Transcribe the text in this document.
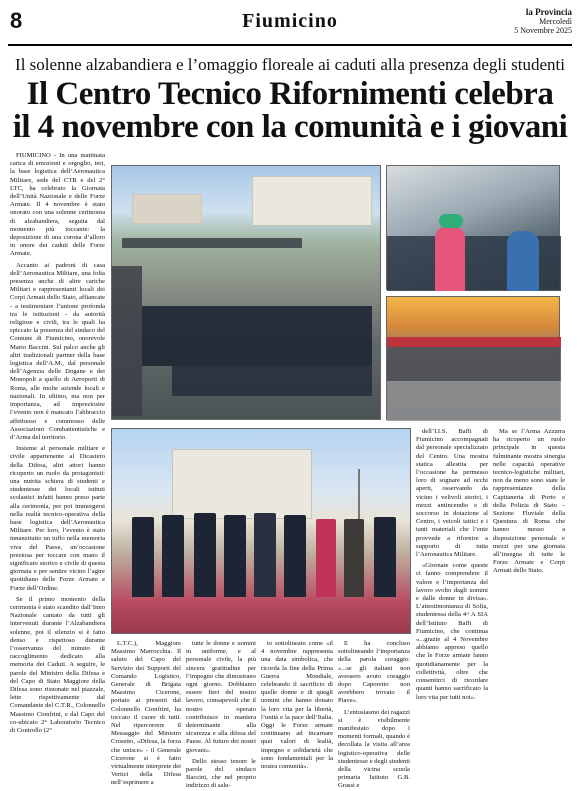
8	Fiumicino	la Provincia
Mercoledì
5 Novembre 2025
Il solenne alzabandiera e l’omaggio floreale ai caduti alla presenza degli studenti
Il Centro Tecnico Rifornimenti celebra
il 4 novembre con la comunità e i giovani

FIUMICINO - In una mattinata carica di emozioni e orgoglio, ieri, la base logistica dell’Aeronautica Militare, sede del CTR e del 2° LTC, ha celebrato la Giornata dell’Unità Nazionale e delle Forze Armate. Il 4 novembre è stato onorato con una solenne cerimonia di alzabandiera, seguita dal momento più toccante: la deposizione di una corona d’alloro in onore dei caduti delle Forze Armate.

Accanto ai padroni di casa dell’Aeronautica Militare, una folta presenza anche di altre cariche Militari e rappresentanti locali dei Corpi Armati dello Stato, affiancate - a testimoniare l’unione profonda tra le istituzioni - da autorità religiose e civili, tra le quali ha spiccato la presenza del sindaco del Comune di Fiumicino, onorevole Mario Baccini. Sul palco anche gli altri tradizionali partner della base logistica dell’A.M., dal personale dell’Agenzia delle Dogane e dei Monopoli a quello di Aeroporti di Roma, alle molte aziende locali e nazionali. In ultimo, ma non per importanza, ad impreziosire l’evento non è mancato l’abbraccio affettuoso e commosso delle Associazioni Combattentistiche e d’Arma del territorio.

Insieme al personale militare e civile appartenente al Dicastero della Difesa, altri attori hanno ricoperto un ruolo da protagonisti: una nutrita schiera di studenti e studentesse dei locali istituti scolastici infatti hanno preso parte alla cerimonia, per poi immergersi nella realtà tecnico-operativa della base logistica dell’Aeronautica Militare. Per loro, l’evento è stato innanzitutto un tuffo nella memoria viva del Paese, un’occasione preziosa per toccare con mano il significato storico e civile di questa giornata e per sentire vicino l’agire quotidiano delle Forze Armate e Forze dell’Ordine.

Se il primo momento della cerimonia è stato scandito dall’Inno Nazionale cantato da tutti gli intervenuti durante l’Alzabandiera solenne, poi il silenzio si è fatto denso e rispettoso durante l’osservanza del minuto di raccoglimento dedicato alla memoria dei Caduti. A seguire, le parole del Ministro della Difesa e del Capo di Stato Maggiore della Difesa sono risuonate nel piazzale, lette rispettivamente dal Comandante del C.T.R., Colonnello Massimo Cionfrini, e dal Capo del co-ubicato 2° Laboratorio Tecnico di Controllo (2°

L.T.C.), Maggiore Massimo Marrocchia. Il saluto del Capo del Servizio dei Supporti del Comando Logistico, Generale di Brigata Massimo Cicerone, portato ai presenti dal Colonnello Cionfrini, ha toccato il cuore di tutti. Nel ripercorrere il Messaggio del Ministro Crosetto, «Difesa, la forza che unisce» - il Generale Cicerone si è fatto virtualmente interprete dei Vertici della Difesa nell’esprimere a

tutte le donne e uomini in uniforme, e al personale civile, la più sincera gratitudine per l’impegno che dimostrano ogni giorno. Dobbiamo essere fieri del nostro lavoro, consapevoli che il nostro operato contribuisce in maniera determinante alla sicurezza e alla difesa del Paese. Al futuro dei nostri giovani».

Dello stesso tenore le parole del sindaco Baccini, che nel proprio indirizzo di salu-

to sottolineato come «il 4 novembre rappresenta una data simbolica, che ricorda la fine della Prima Guerra Mondiale, celebrando il sacrificio di quelle donne e di quegli uomini che hanno donato la loro vita per la libertà, l’unità e la pace dell’Italia. Oggi le Forze armate continuano ad incarnare quei valori di lealtà, impegno e solidarietà che sono fondamentali per la nostra comunità».

E ha concluso sottolineando l’importanza della parola coraggio: «...se gli italiani non avessero avuto coraggio dopo Caporetto non avrebbero trovato il Piave».

L’entusiasmo dei ragazzi si è visibilmente manifestato dopo i momenti formali, quando è decollata la visita all’area logistico-operativa delle studentesse e degli studenti della vicina scuola primaria Istituto G.B. Grassi e

dell’I.I.S. Baffi di Fiumicino accompagnati dal personale specializzato del Centro. Una mostra statica allestita per l’occasione ha permesso loro di sognare ad occhi aperti, osservando da vicino i velivoli storici, i mezzi antincendio e di soccorso in dotazione al Centro, i veicoli tattici e i tanti materiali che l’ente provvede a rifornire a supporto di tutta l’Aeronautica Militare.

«Giornate come queste ci fanno comprendere il valore e l’importanza del lavoro svolto dagli uomini e dalle donne in divisa». L’attestimonianza di Sofia, studentessa della 4^ A SIA dell’Istituto Baffi di Fiumicino, che continua «...grazie al 4 Novembre abbiamo appreso quello che le Forze armate fanno quotidianamente per la collettività, oltre che consentirci di ricordare quanti hanno sacrificato la loro vita per tutti noi».

Ma se l’Arma Azzurra ha ricoperto un ruolo principale in questa fulminante mostra sinergia nelle capacità operative tecnico-logistiche militari, non da meno sono state le rappresentanze della Capitaneria di Porto e della Polizia di Stato – Sezione Fluviale della Questura di Roma che hanno messo a disposizione personale e mezzi per una giornata all’insegna di tutte le Forze Armate e Corpi Armati dello Stato.
